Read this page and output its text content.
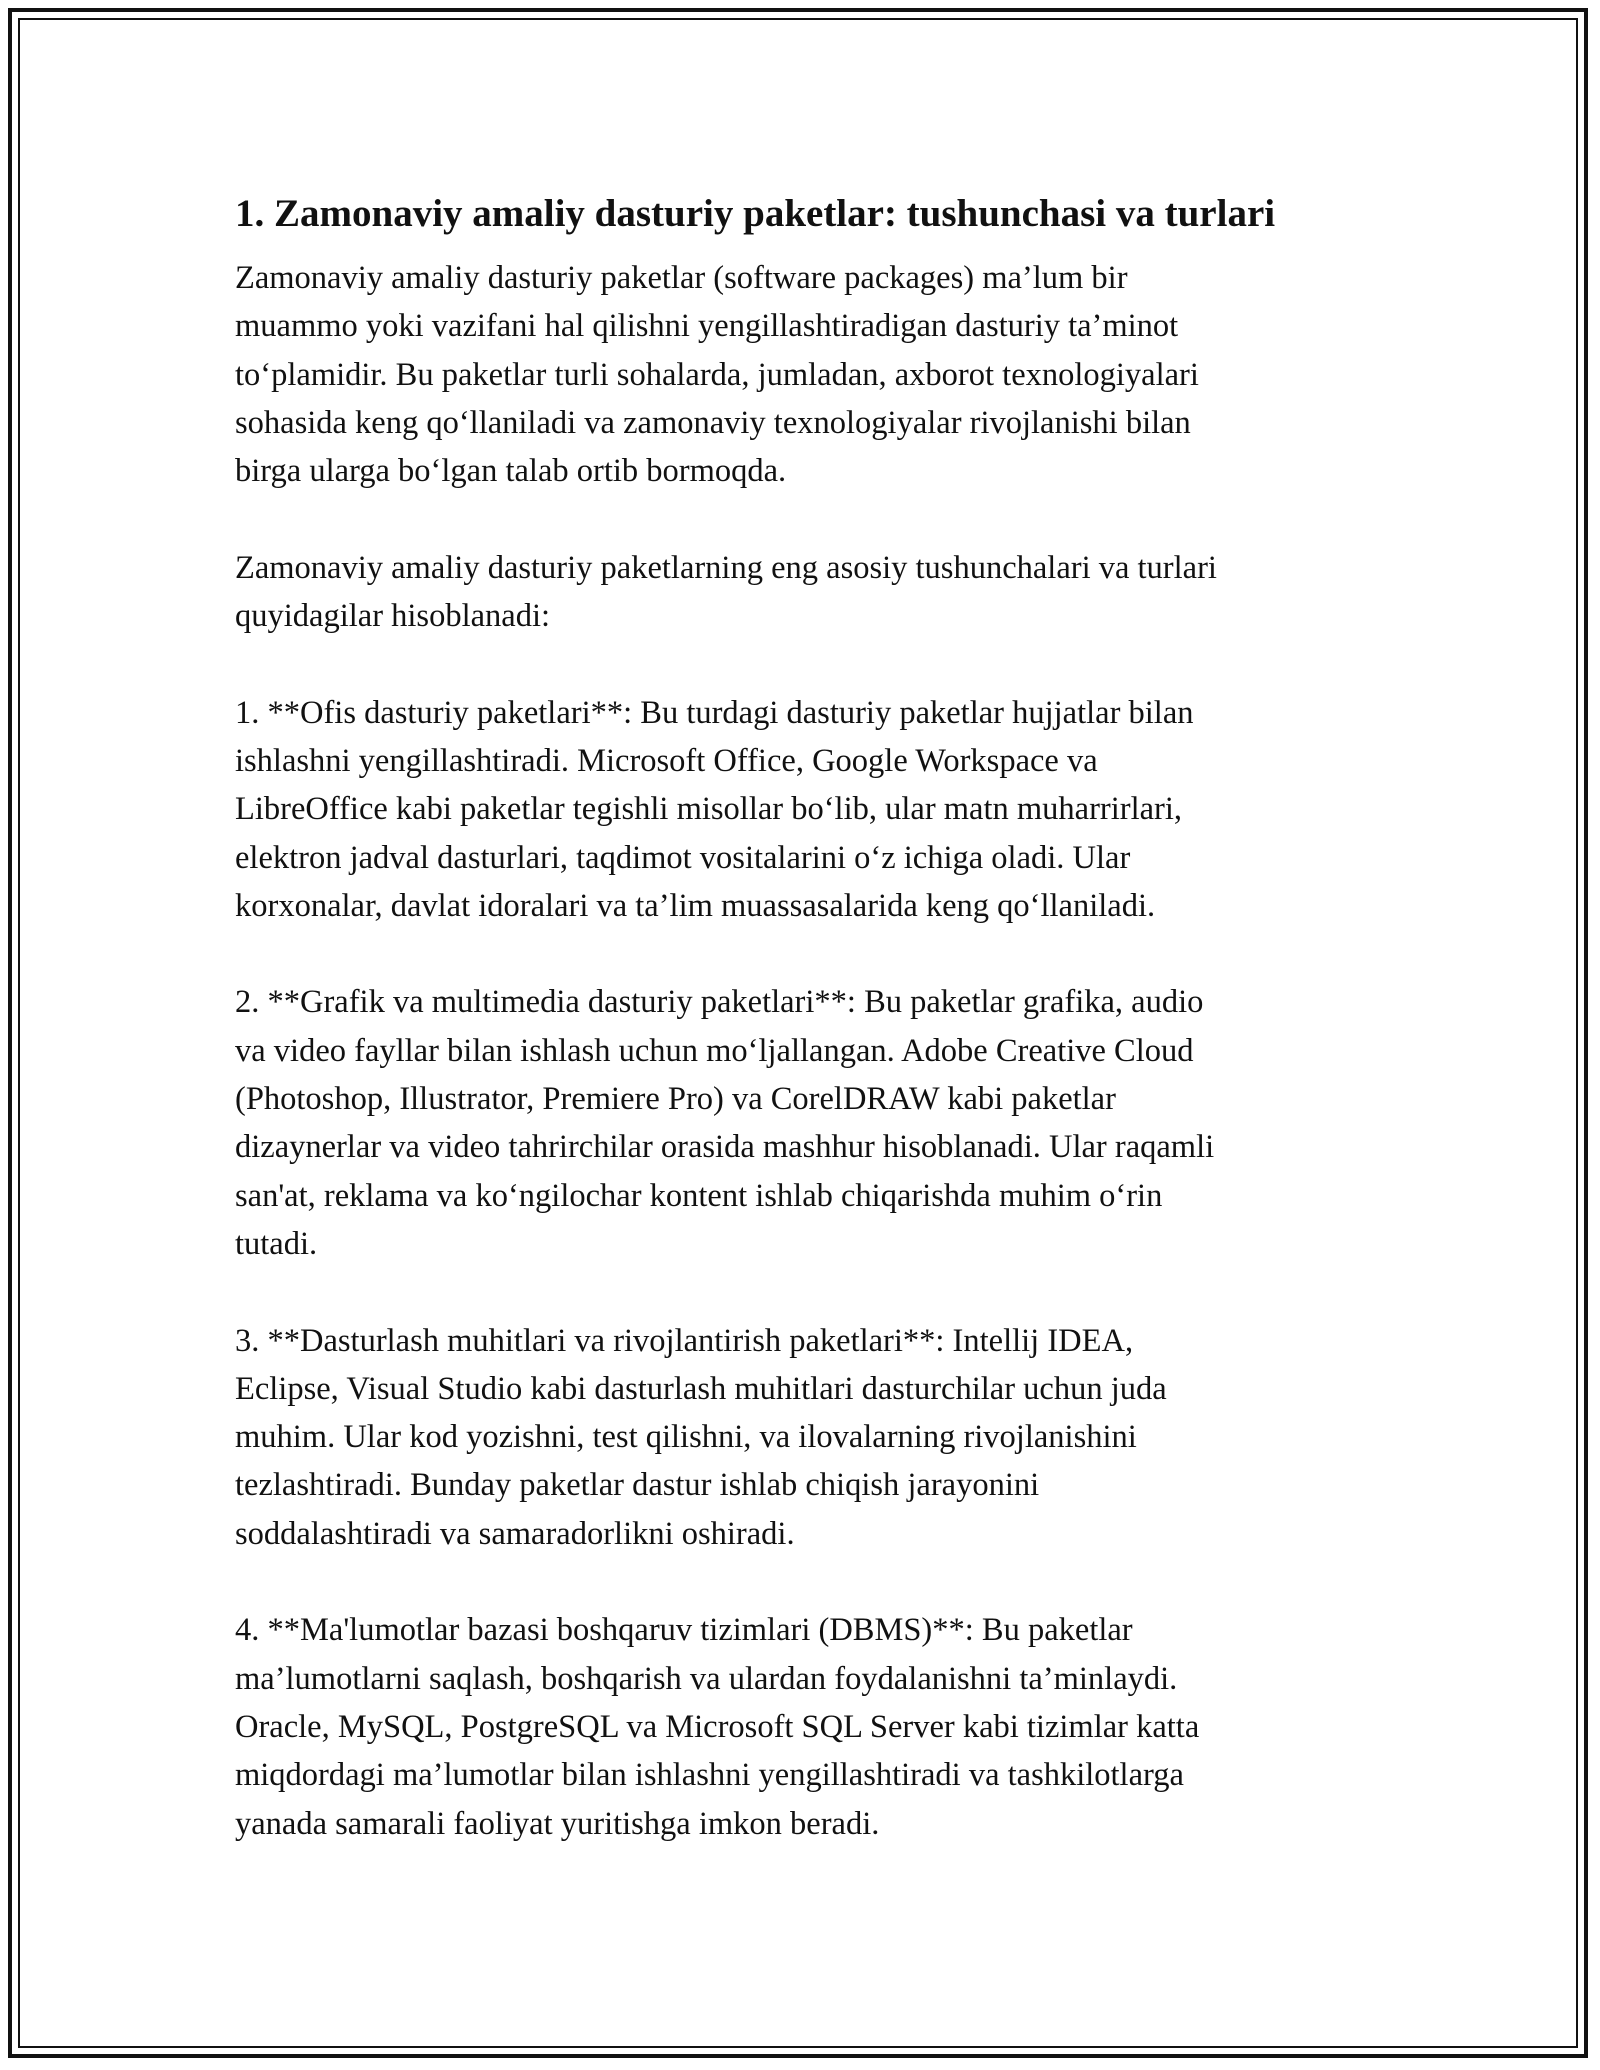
1. Zamonaviy amaliy dasturiy paketlar: tushunchasi va turlari

Zamonaviy amaliy dasturiy paketlar (software packages) ma’lum bir
muammo yoki vazifani hal qilishni yengillashtiradigan dasturiy ta’minot
to‘plamidir. Bu paketlar turli sohalarda, jumladan, axborot texnologiyalari
sohasida keng qo‘llaniladi va zamonaviy texnologiyalar rivojlanishi bilan
birga ularga bo‘lgan talab ortib bormoqda.

Zamonaviy amaliy dasturiy paketlarning eng asosiy tushunchalari va turlari
quyidagilar hisoblanadi:

1. **Ofis dasturiy paketlari**: Bu turdagi dasturiy paketlar hujjatlar bilan
ishlashni yengillashtiradi. Microsoft Office, Google Workspace va
LibreOffice kabi paketlar tegishli misollar bo‘lib, ular matn muharrirlari,
elektron jadval dasturlari, taqdimot vositalarini o‘z ichiga oladi. Ular
korxonalar, davlat idoralari va ta’lim muassasalarida keng qo‘llaniladi.

2. **Grafik va multimedia dasturiy paketlari**: Bu paketlar grafika, audio
va video fayllar bilan ishlash uchun mo‘ljallangan. Adobe Creative Cloud
(Photoshop, Illustrator, Premiere Pro) va CorelDRAW kabi paketlar
dizaynerlar va video tahrirchilar orasida mashhur hisoblanadi. Ular raqamli
san'at, reklama va ko‘ngilochar kontent ishlab chiqarishda muhim o‘rin
tutadi.

3. **Dasturlash muhitlari va rivojlantirish paketlari**: Intellij IDEA,
Eclipse, Visual Studio kabi dasturlash muhitlari dasturchilar uchun juda
muhim. Ular kod yozishni, test qilishni, va ilovalarning rivojlanishini
tezlashtiradi. Bunday paketlar dastur ishlab chiqish jarayonini
soddalashtiradi va samaradorlikni oshiradi.

4. **Ma'lumotlar bazasi boshqaruv tizimlari (DBMS)**: Bu paketlar
ma’lumotlarni saqlash, boshqarish va ulardan foydalanishni ta’minlaydi.
Oracle, MySQL, PostgreSQL va Microsoft SQL Server kabi tizimlar katta
miqdordagi ma’lumotlar bilan ishlashni yengillashtiradi va tashkilotlarga
yanada samarali faoliyat yuritishga imkon beradi.
